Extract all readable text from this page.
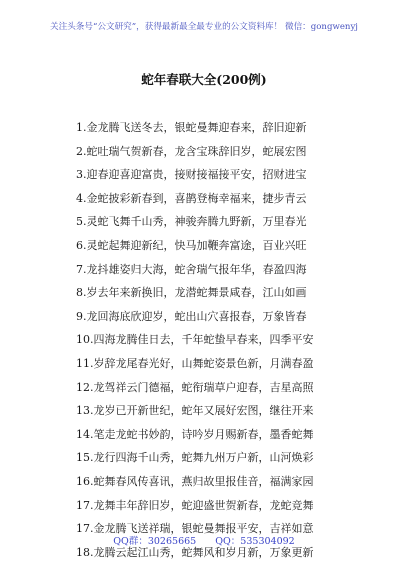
关注头条号“公文研究”，获得最新最全最专业的公文资料库！ 微信：gongwenyj
蛇年春联大全(200例)
1.金龙腾飞送冬去，银蛇曼舞迎春来，辞旧迎新
2.蛇吐瑞气贺新春，龙含宝珠辞旧岁，蛇展宏图
3.迎春迎喜迎富贵，接财接福接平安，招财进宝
4.金蛇披彩新春到，喜鹊登梅幸福来，捷步青云
5.灵蛇飞舞千山秀，神骏奔腾九野新，万里春光
6.灵蛇起舞迎新纪，快马加鞭奔富途，百业兴旺
7.龙抖雄姿归大海，蛇舍瑞气报年华，春盈四海
8.岁去年来新换旧，龙潜蛇舞景咸春，江山如画
9.龙回海底欣迎岁，蛇出山穴喜报春，万象皆春
10.四海龙腾佳日去，千年蛇蛰早春来，四季平安
11.岁辞龙尾春光好，山舞蛇姿景色新，月满春盈
12.龙驾祥云门德福，蛇衔瑞草户迎春，吉星高照
13.龙岁已开新世纪，蛇年又展好宏图，继往开来
14.笔走龙蛇书妙韵，诗吟岁月赐新春，墨香蛇舞
15.龙行四海千山秀，蛇舞九州万户新，山河焕彩
16.蛇舞春风传喜讯，燕归故里报佳音，福满家园
17.龙舞丰年辞旧岁，蛇迎盛世贺新春，龙蛇竞舞
17.金龙腾飞送祥瑞，银蛇曼舞报平安，吉祥如意
18.龙腾云起江山秀，蛇舞风和岁月新，万象更新
QQ群：30265665 QQ：535304092
